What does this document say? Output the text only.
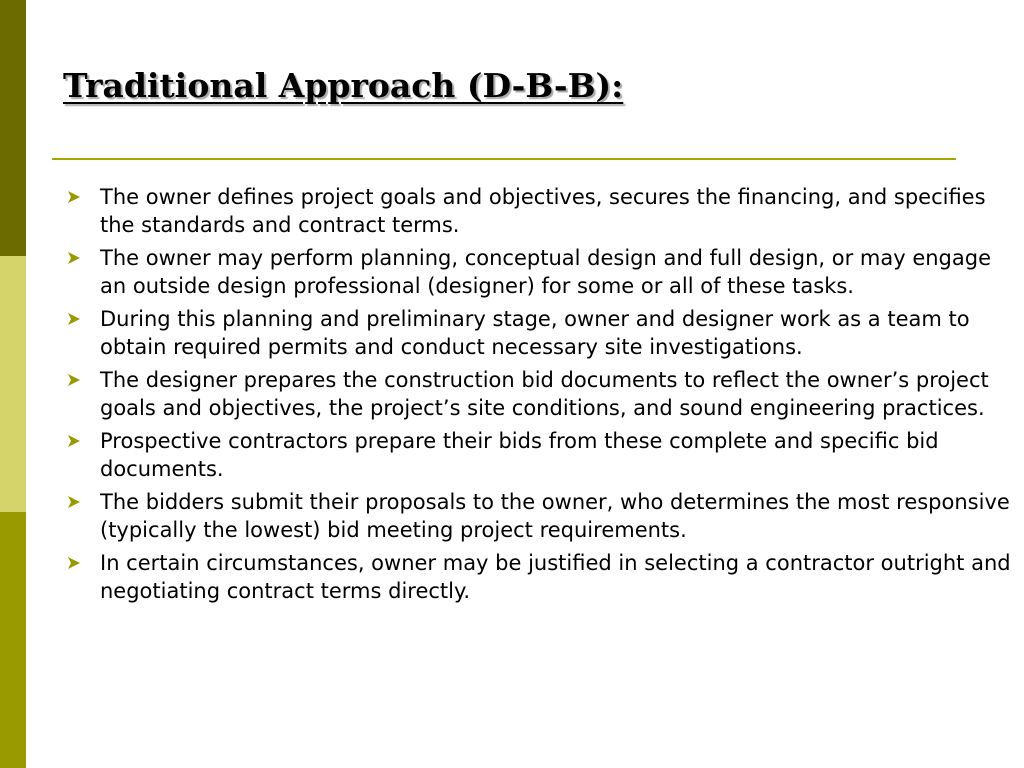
Traditional Approach (D-B-B):
The owner defines project goals and objectives, secures the financing, and specifies the standards and contract terms.
The owner may perform planning, conceptual design and full design, or may engage an outside design professional (designer) for some or all of these tasks.
During this planning and preliminary stage, owner and designer work as a team to obtain required permits and conduct necessary site investigations.
The designer prepares the construction bid documents to reflect the owner’s project goals and objectives, the project’s site conditions, and sound engineering practices.
Prospective contractors prepare their bids from these complete and specific bid documents.
The bidders submit their proposals to the owner, who determines the most responsive (typically the lowest) bid meeting project requirements.
In certain circumstances, owner may be justified in selecting a contractor outright and negotiating contract terms directly.
